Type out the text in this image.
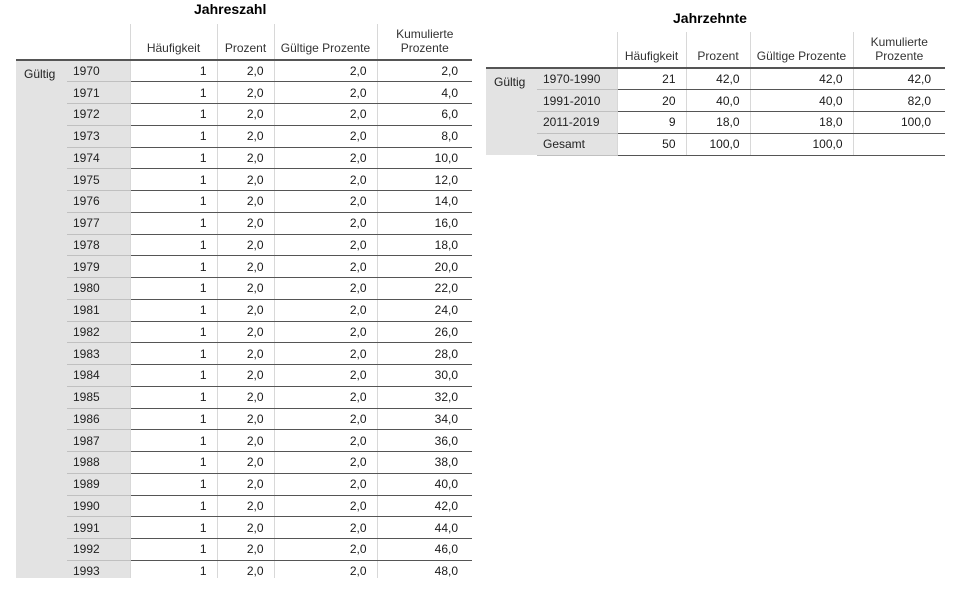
Jahreszahl
		Häufigkeit	Prozent	Gültige Prozente	Kumulierte Prozente
Gültig	1970	1	2,0	2,0	2,0
	1971	1	2,0	2,0	4,0
	1972	1	2,0	2,0	6,0
	1973	1	2,0	2,0	8,0
	1974	1	2,0	2,0	10,0
	1975	1	2,0	2,0	12,0
	1976	1	2,0	2,0	14,0
	1977	1	2,0	2,0	16,0
	1978	1	2,0	2,0	18,0
	1979	1	2,0	2,0	20,0
	1980	1	2,0	2,0	22,0
	1981	1	2,0	2,0	24,0
	1982	1	2,0	2,0	26,0
	1983	1	2,0	2,0	28,0
	1984	1	2,0	2,0	30,0
	1985	1	2,0	2,0	32,0
	1986	1	2,0	2,0	34,0
	1987	1	2,0	2,0	36,0
	1988	1	2,0	2,0	38,0
	1989	1	2,0	2,0	40,0
	1990	1	2,0	2,0	42,0
	1991	1	2,0	2,0	44,0
	1992	1	2,0	2,0	46,0
	1993	1	2,0	2,0	48,0
Jahrzehnte
		Häufigkeit	Prozent	Gültige Prozente	Kumulierte Prozente
Gültig	1970-1990	21	42,0	42,0	42,0
	1991-2010	20	40,0	40,0	82,0
	2011-2019	9	18,0	18,0	100,0
	Gesamt	50	100,0	100,0	
